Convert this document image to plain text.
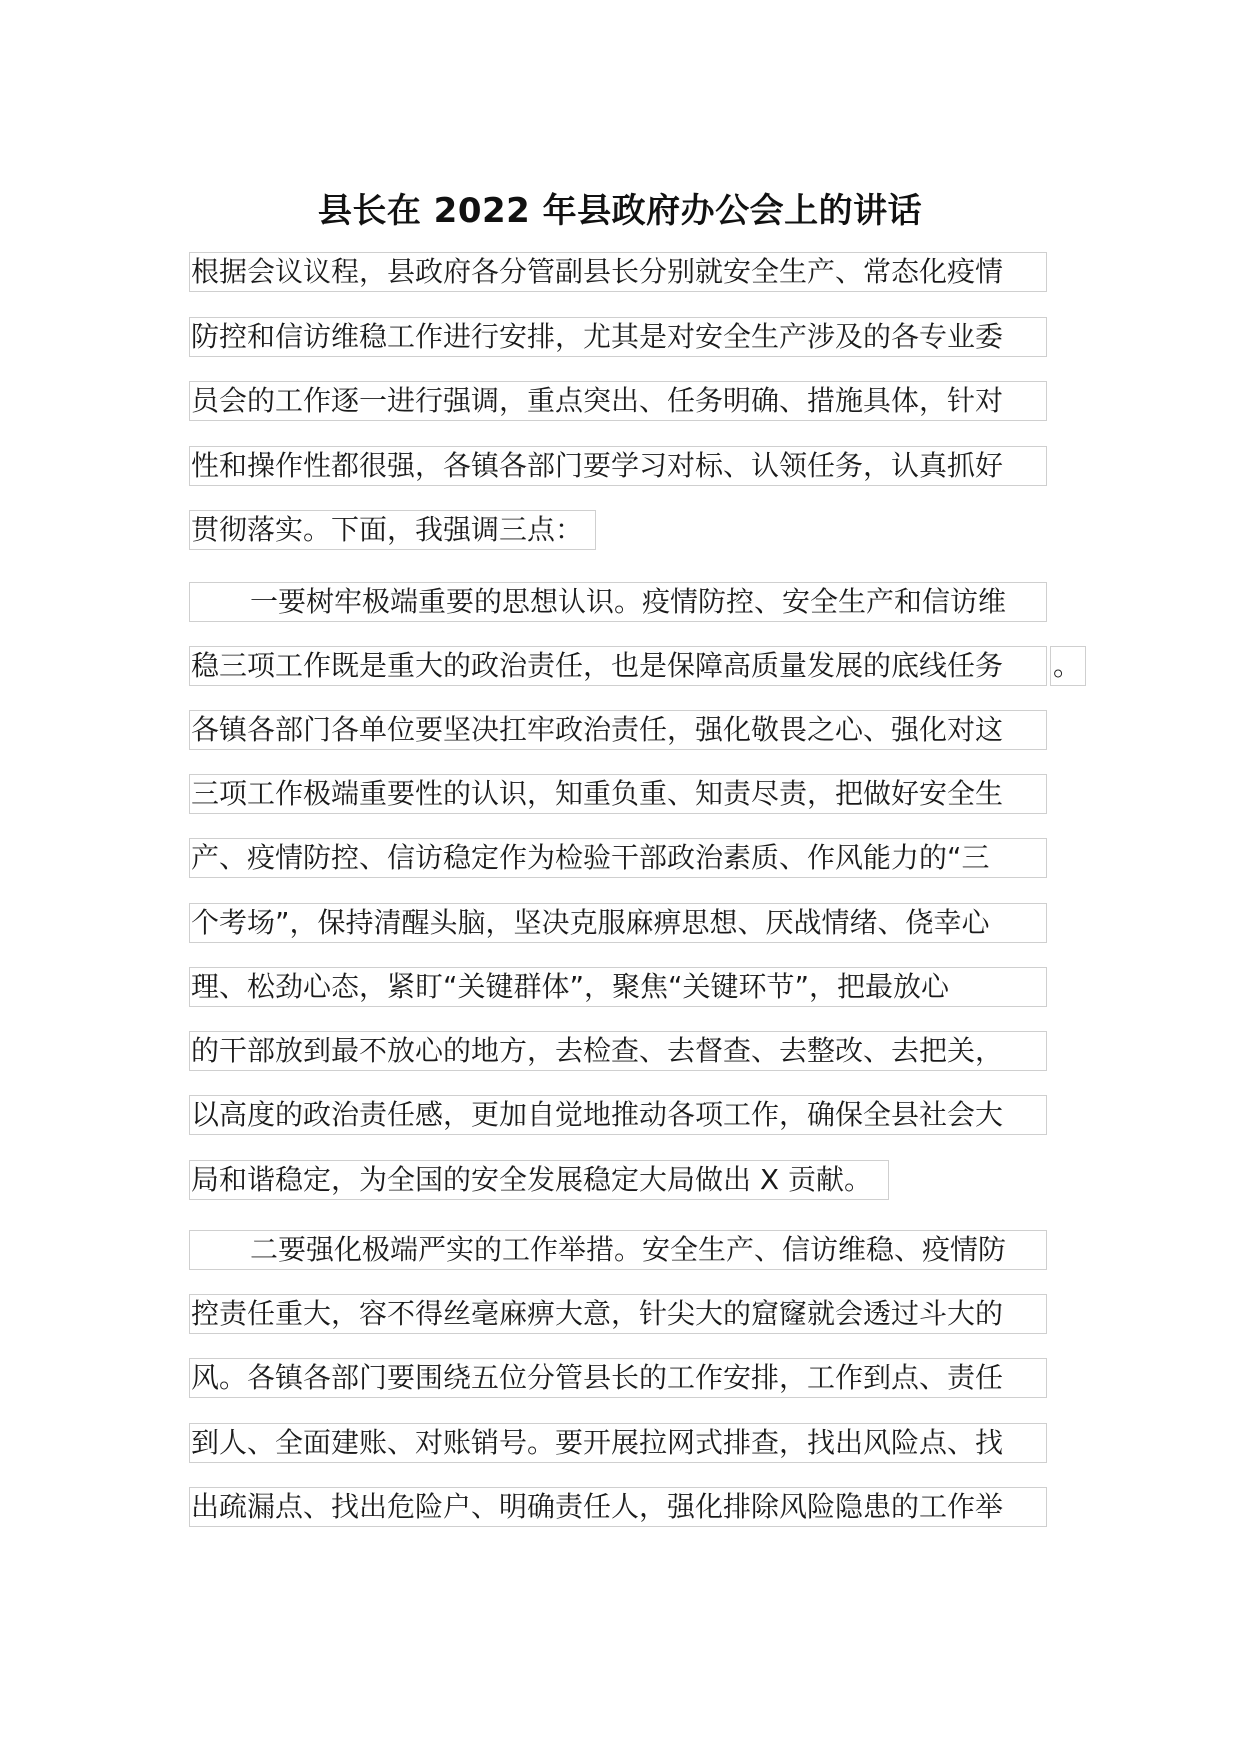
县长在 2022 年县政府办公会上的讲话
根据会议议程，县政府各分管副县长分别就安全生产、常态化疫情
防控和信访维稳工作进行安排，尤其是对安全生产涉及的各专业委
员会的工作逐一进行强调，重点突出、任务明确、措施具体，针对
性和操作性都很强，各镇各部门要学习对标、认领任务，认真抓好
贯彻落实。下面，我强调三点：
一要树牢极端重要的思想认识。疫情防控、安全生产和信访维
稳三项工作既是重大的政治责任，也是保障高质量发展的底线任务	。
各镇各部门各单位要坚决扛牢政治责任，强化敬畏之心、强化对这
三项工作极端重要性的认识，知重负重、知责尽责，把做好安全生
产、疫情防控、信访稳定作为检验干部政治素质、作风能力的“三
个考场”，保持清醒头脑，坚决克服麻痹思想、厌战情绪、侥幸心
理、松劲心态，紧盯“关键群体”，聚焦“关键环节”，把最放心
的干部放到最不放心的地方，去检查、去督查、去整改、去把关，
以高度的政治责任感，更加自觉地推动各项工作，确保全县社会大
局和谐稳定，为全国的安全发展稳定大局做出 X 贡献。
二要强化极端严实的工作举措。安全生产、信访维稳、疫情防
控责任重大，容不得丝毫麻痹大意，针尖大的窟窿就会透过斗大的
风。各镇各部门要围绕五位分管县长的工作安排，工作到点、责任
到人、全面建账、对账销号。要开展拉网式排查，找出风险点、找
出疏漏点、找出危险户、明确责任人，强化排除风险隐患的工作举
